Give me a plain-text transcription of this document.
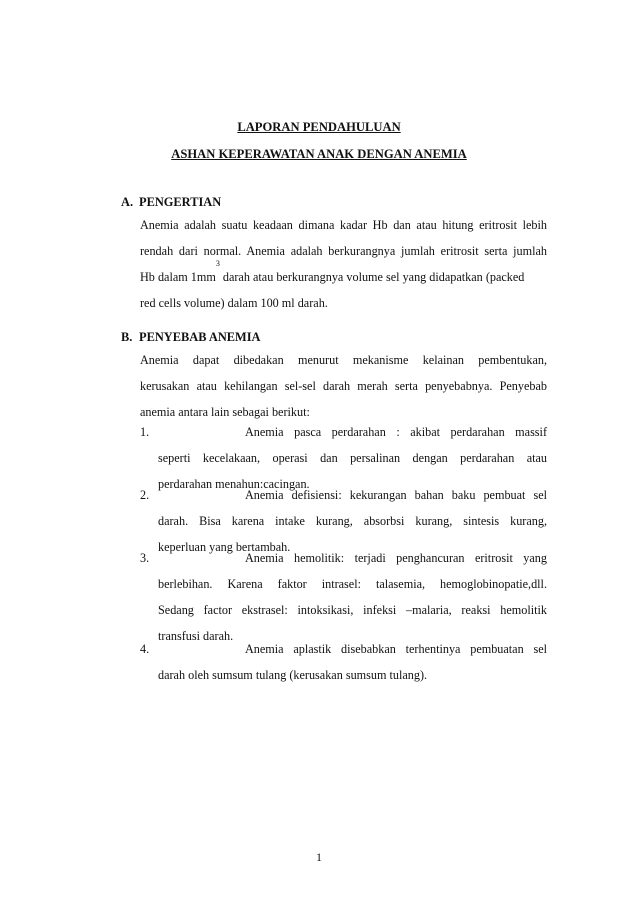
LAPORAN PENDAHULUAN
ASHAN KEPERAWATAN ANAK DENGAN ANEMIA
A. PENGERTIAN
Anemia adalah suatu keadaan dimana kadar Hb dan atau hitung eritrosit lebih
rendah dari normal. Anemia adalah berkurangnya jumlah eritrosit serta jumlah
Hb dalam 1mm
3
darah atau berkurangnya volume sel yang didapatkan (packed
red cells volume) dalam 100 ml darah.
B. PENYEBAB ANEMIA
Anemia dapat dibedakan menurut mekanisme kelainan pembentukan,
kerusakan atau kehilangan sel-sel darah merah serta penyebabnya. Penyebab
anemia antara lain sebagai berikut:
1.	Anemia pasca perdarahan : akibat perdarahan massif
seperti kecelakaan, operasi dan persalinan dengan perdarahan atau
perdarahan menahun:cacingan.
2.	Anemia defisiensi: kekurangan bahan baku pembuat sel
darah. Bisa karena intake kurang, absorbsi kurang, sintesis kurang,
keperluan yang bertambah.
3.	Anemia hemolitik: terjadi penghancuran eritrosit yang
berlebihan. Karena faktor intrasel: talasemia, hemoglobinopatie,dll.
Sedang factor ekstrasel: intoksikasi, infeksi –malaria, reaksi hemolitik
transfusi darah.
4.	Anemia aplastik disebabkan terhentinya pembuatan sel
darah oleh sumsum tulang (kerusakan sumsum tulang).
1
